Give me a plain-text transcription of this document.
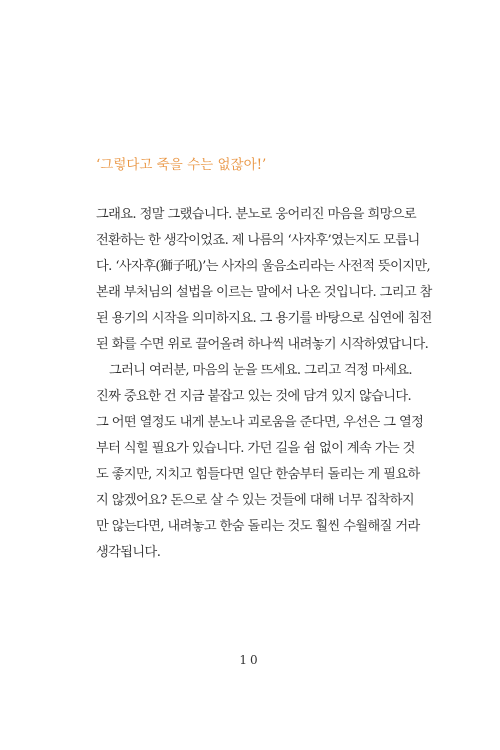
‘그렇다고 죽을 수는 없잖아!’

그래요. 정말 그랬습니다. 분노로 웅어리진 마음을 희망으로
전환하는 한 생각이었죠. 제 나름의 ‘사자후’였는지도 모릅니
다. ‘사자후(獅子吼)’는 사자의 울음소리라는 사전적 뜻이지만,
본래 부처님의 설법을 이르는 말에서 나온 것입니다. 그리고 참
된 용기의 시작을 의미하지요. 그 용기를 바탕으로 심연에 침전
된 화를 수면 위로 끌어올려 하나씩 내려놓기 시작하였답니다.
그러니 여러분, 마음의 눈을 뜨세요. 그리고 걱정 마세요.
진짜 중요한 건 지금 붙잡고 있는 것에 담겨 있지 않습니다.
그 어떤 열정도 내게 분노나 괴로움을 준다면, 우선은 그 열정
부터 식힐 필요가 있습니다. 가던 길을 쉼 없이 계속 가는 것
도 좋지만, 지치고 힘들다면 일단 한숨부터 돌리는 게 필요하
지 않겠어요? 돈으로 살 수 있는 것들에 대해 너무 집착하지
만 않는다면, 내려놓고 한숨 돌리는 것도 훨씬 수월해질 거라
생각됩니다.
10
